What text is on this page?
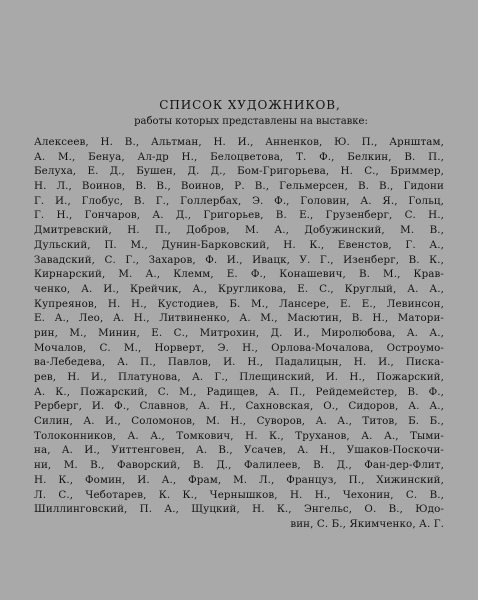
СПИСОК ХУДОЖНИКОВ,
работы которых представлены на выставке:
Алексеев, Н. В., Альтман, Н. И., Анненков, Ю. П., Арнштам,
А. М., Бенуа, Ал-др Н., Белоцветова, Т. Ф., Белкин, В. П.,
Белуха, Е. Д., Бушен, Д. Д., Бом-Григорьева, Н. С., Бриммер,
Н. Л., Воинов, В. В., Воинов, Р. В., Гельмерсен, В. В., Гидони
Г. И., Глобус, В. Г., Голлербах, Э. Ф., Головин, А. Я., Гольц,
Г. Н., Гончаров, А. Д., Григорьев, В. Е., Грузенберг, С. Н.,
Дмитревский, Н. П., Добров, М. А., Добужинский, М. В.,
Дульский, П. М., Дунин-Барковский, Н. К., Евенстов, Г. А.,
Завадский, С. Г., Захаров, Ф. И., Ивацк, У. Г., Изенберг, В. К.,
Кирнарский, М. А., Клемм, Е. Ф., Конашевич, В. М., Крав-
ченко, А. И., Крейчик, А., Кругликова, Е. С., Круглый, А. А.,
Купреянов, Н. Н., Кустодиев, Б. М., Лансере, Е. Е., Левинсон,
Е. А., Лео, А. Н., Литвиненко, А. М., Масютин, В. Н., Матори-
рин, М., Минин, Е. С., Митрохин, Д. И., Миролюбова, А. А.,
Мочалов, С. М., Норверт, Э. Н., Орлова-Мочалова, Остроумо-
ва-Лебедева, А. П., Павлов, И. Н., Падалицын, Н. И., Писка-
рев, Н. И., Платунова, А. Г., Плещинский, И. Н., Пожарский,
А. К., Пожарский, С. М., Радищев, А. П., Рейдемейстер, В. Ф.,
Рерберг, И. Ф., Славнов, А. Н., Сахновская, О., Сидоров, А. А.,
Силин, А. И., Соломонов, М. Н., Суворов, А. А., Титов, Б. Б.,
Толоконников, А. А., Томкович, Н. К., Труханов, А. А., Тыми-
на, А. И., Уиттенговен, А. В., Усачев, А. Н., Ушаков-Поскочи-
ни, М. В., Фаворский, В. Д., Фалилеев, В. Д., Фан-дер-Флит,
Н. К., Фомин, И. А., Фрам, М. Л., Француз, П., Хижинский,
Л. С., Чеботарев, К. К., Чернышков, Н. Н., Чехонин, С. В.,
Шиллинговский, П. А., Щуцкий, Н. К., Энгельс, О. В., Юдо-
вин, С. Б., Якимченко, А. Г.
